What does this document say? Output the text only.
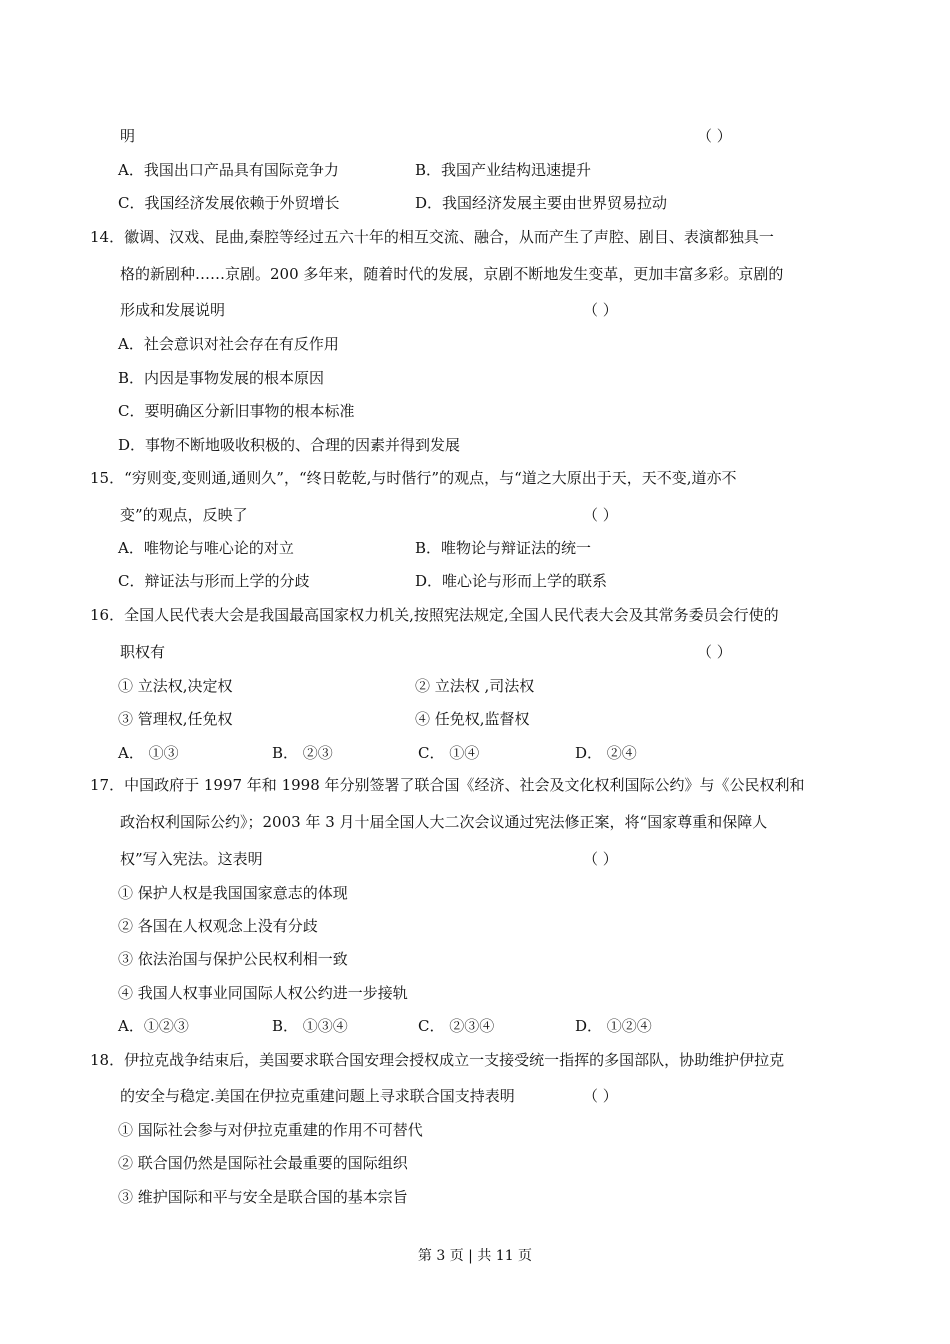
明	（ ）
A．我国出口产品具有国际竞争力	B．我国产业结构迅速提升
C．我国经济发展依赖于外贸增长	D．我国经济发展主要由世界贸易拉动
14．徽调、汉戏、昆曲,秦腔等经过五六十年的相互交流、融合，从而产生了声腔、剧目、表演都独具一
格的新剧种……京剧。200 多年来，随着时代的发展，京剧不断地发生变革，更加丰富多彩。京剧的
形成和发展说明	（ ）
A．社会意识对社会存在有反作用
B．内因是事物发展的根本原因
C．要明确区分新旧事物的根本标准
D．事物不断地吸收积极的、合理的因素并得到发展
15．“穷则变,变则通,通则久”，“终日乾乾,与时偕行”的观点，与“道之大原出于天，天不变,道亦不
变”的观点，反映了	（ ）
A．唯物论与唯心论的对立	B．唯物论与辩证法的统一
C．辩证法与形而上学的分歧	D．唯心论与形而上学的联系
16．全国人民代表大会是我国最高国家权力机关,按照宪法规定,全国人民代表大会及其常务委员会行使的
职权有	（ ）
① 立法权,决定权	② 立法权 ,司法权
③ 管理权,任免权	④ 任免权,监督权
A． ①③	B． ②③	C． ①④	D． ②④
17．中国政府于 1997 年和 1998 年分别签署了联合国《经济、社会及文化权利国际公约》与《公民权利和
政治权利国际公约》；2003 年 3 月十届全国人大二次会议通过宪法修正案，将“国家尊重和保障人
权”写入宪法。这表明	（ ）
① 保护人权是我国国家意志的体现
② 各国在人权观念上没有分歧
③ 依法治国与保护公民权利相一致
④ 我国人权事业同国际人权公约进一步接轨
A．①②③	B． ①③④	C． ②③④	D． ①②④
18．伊拉克战争结束后，美国要求联合国安理会授权成立一支接受统一指挥的多国部队，协助维护伊拉克
的安全与稳定.美国在伊拉克重建问题上寻求联合国支持表明	（ ）
① 国际社会参与对伊拉克重建的作用不可替代
② 联合国仍然是国际社会最重要的国际组织
③ 维护国际和平与安全是联合国的基本宗旨
第 3 页 | 共 11 页
